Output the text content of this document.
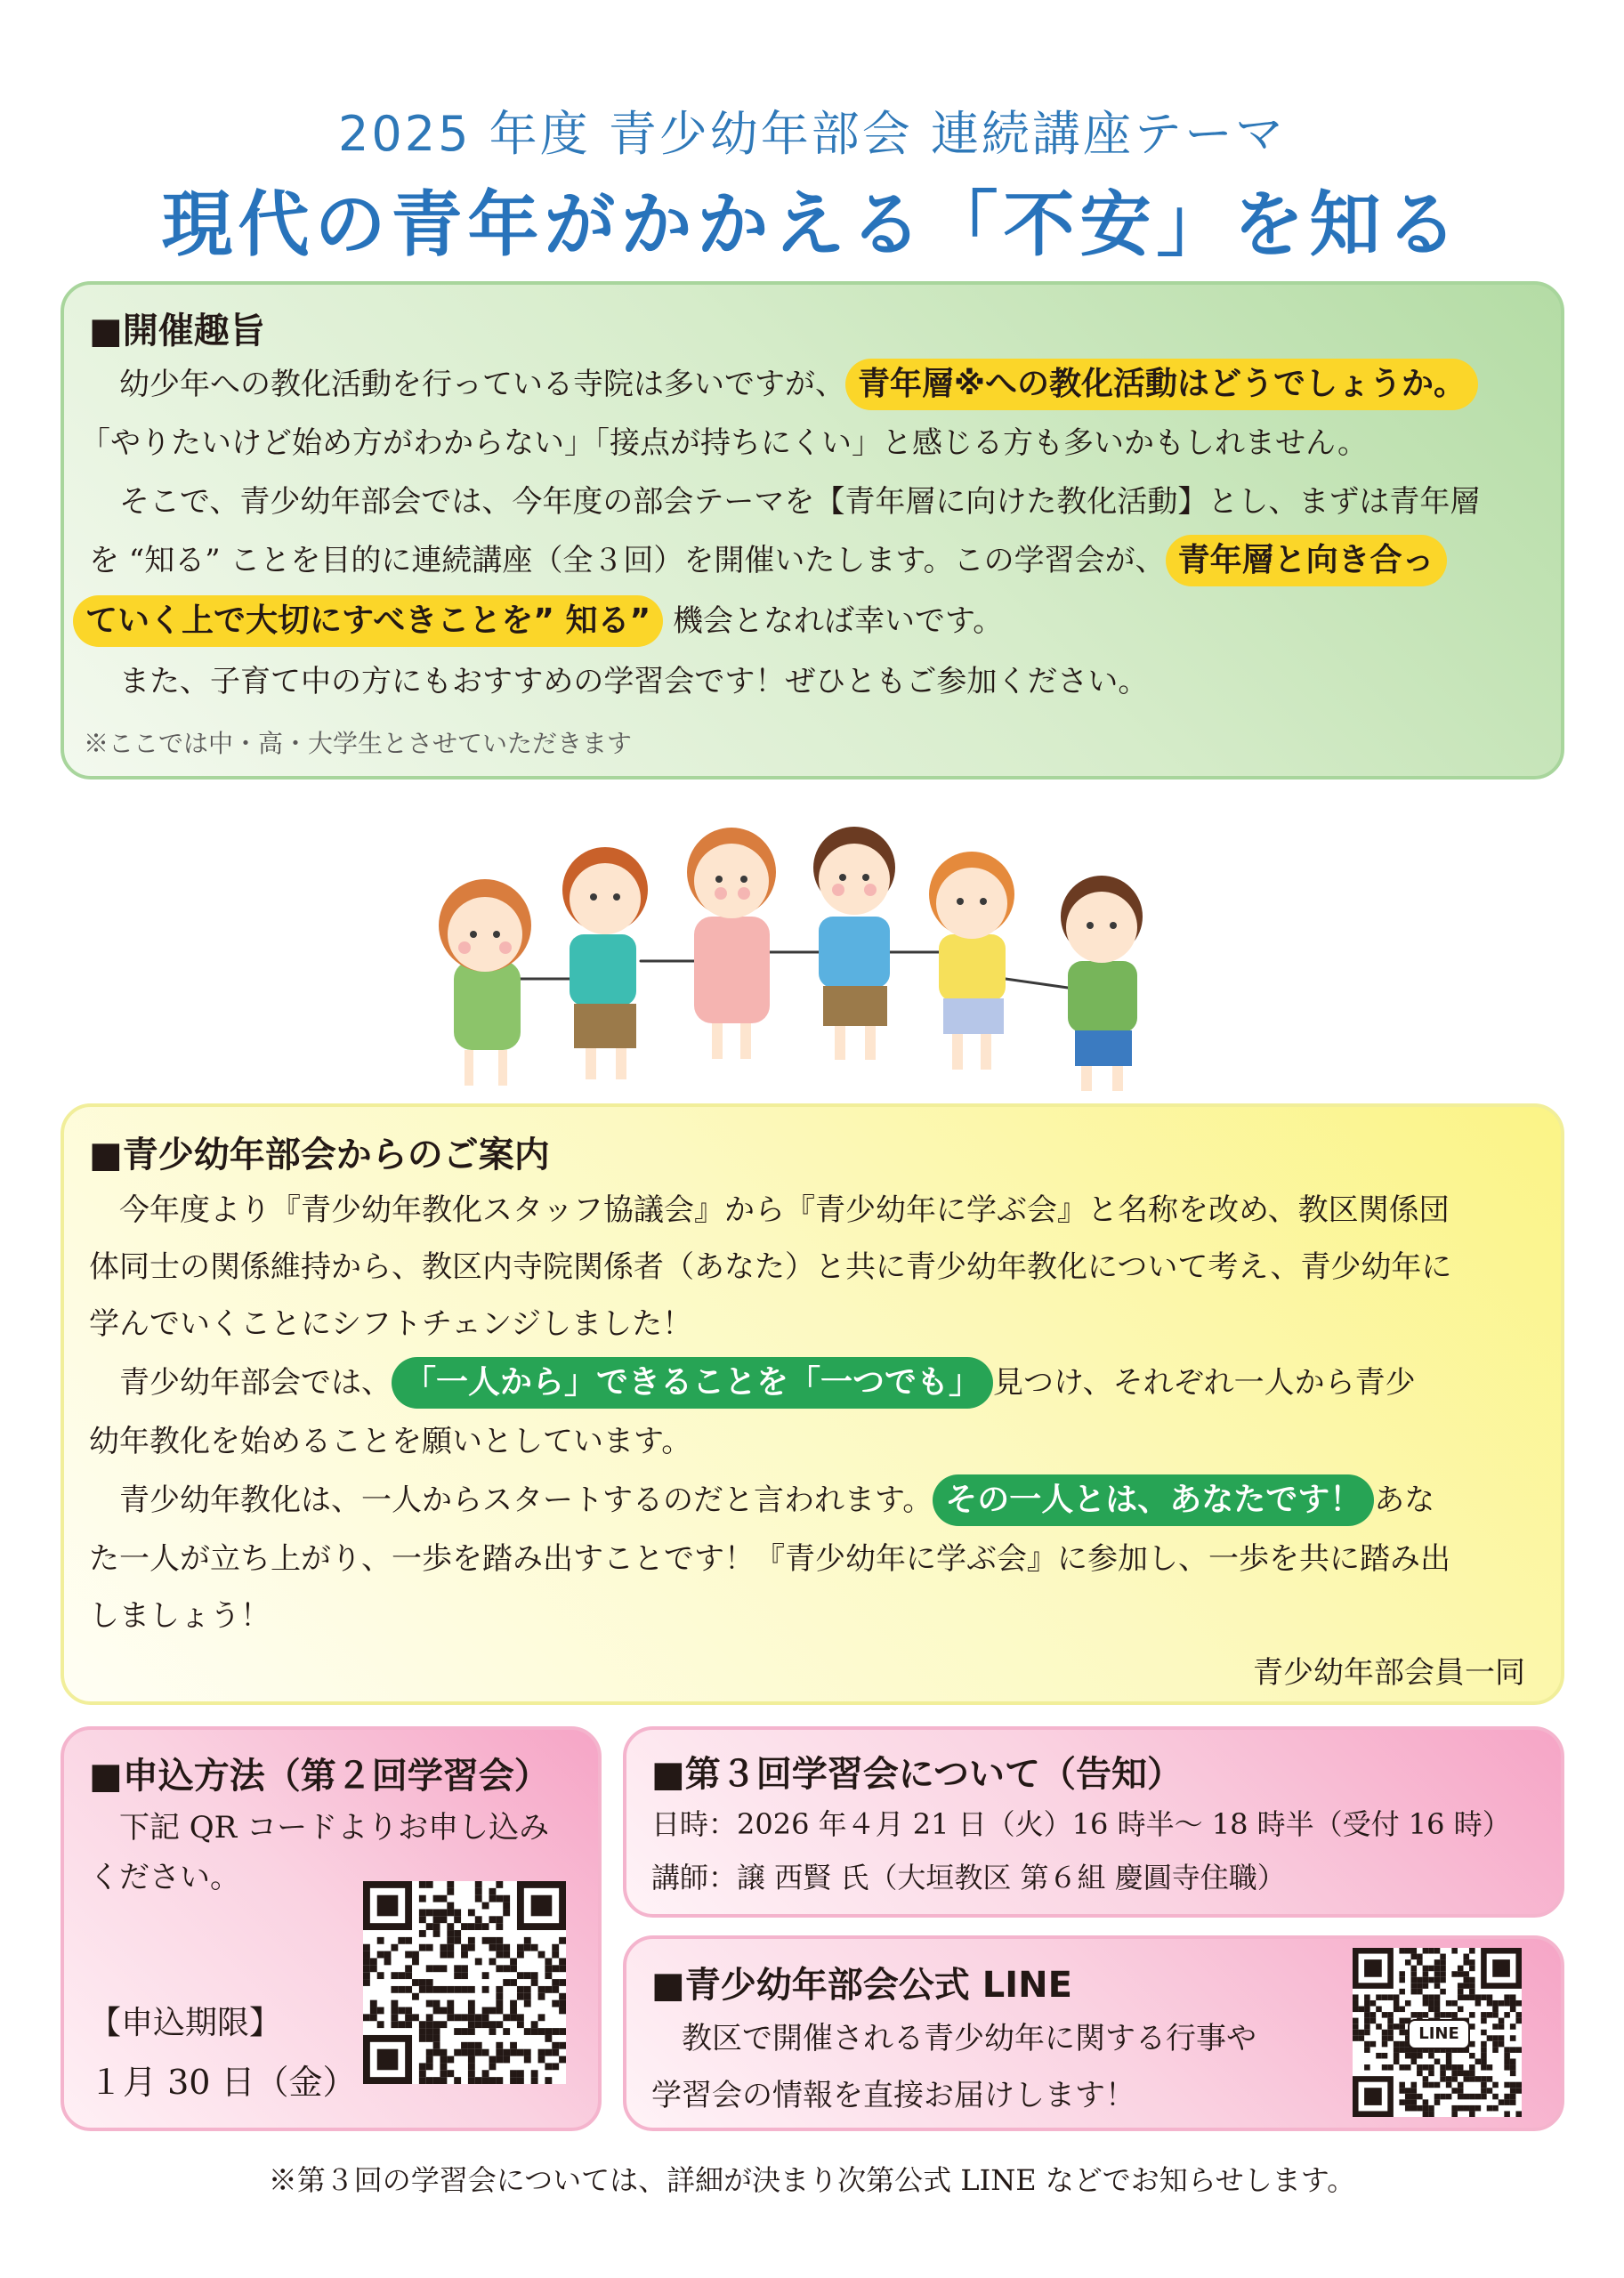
2025 年度 青少幼年部会 連続講座テーマ
現代の青年がかかえる「不安」を知る
■開催趣旨
　幼少年への教化活動を行っている寺院は多いですが、 青年層※への教化活動はどうでしょうか。
「やりたいけど始め方がわからない」「接点が持ちにくい」と感じる方も多いかもしれません。
　そこで、青少幼年部会では、今年度の部会テーマを【青年層に向けた教化活動】とし、まずは青年層
を “知る” ことを目的に連続講座（全３回）を開催いたします。この学習会が、 青年層と向き合っ
ていく上で大切にすべきことを” 知る” 機会となれば幸いです。
　また、子育て中の方にもおすすめの学習会です！ぜひともご参加ください。
※ここでは中・高・大学生とさせていただきます
■青少幼年部会からのご案内
　今年度より『青少幼年教化スタッフ協議会』から『青少幼年に学ぶ会』と名称を改め、教区関係団
体同士の関係維持から、教区内寺院関係者（あなた）と共に青少幼年教化について考え、青少幼年に
学んでいくことにシフトチェンジしました！
　青少幼年部会では、 「一人から」できることを「一つでも」 見つけ、それぞれ一人から青少
幼年教化を始めることを願いとしています。
　青少幼年教化は、一人からスタートするのだと言われます。 その一人とは、あなたです！ あな
た一人が立ち上がり、一歩を踏み出すことです！『青少幼年に学ぶ会』に参加し、一歩を共に踏み出
しましょう！
青少幼年部会員一同
■申込方法（第２回学習会）
　下記 QR コードよりお申し込み
ください。
【申込期限】
１月 30 日（金）
■第３回学習会について（告知）
日時：2026 年４月 21 日（火）16 時半～ 18 時半（受付 16 時）
講師：譲 西賢 氏（大垣教区 第６組 慶圓寺住職）
■青少幼年部会公式 LINE
　教区で開催される青少幼年に関する行事や
学習会の情報を直接お届けします！
LINE
※第３回の学習会については、詳細が決まり次第公式 LINE などでお知らせします。
